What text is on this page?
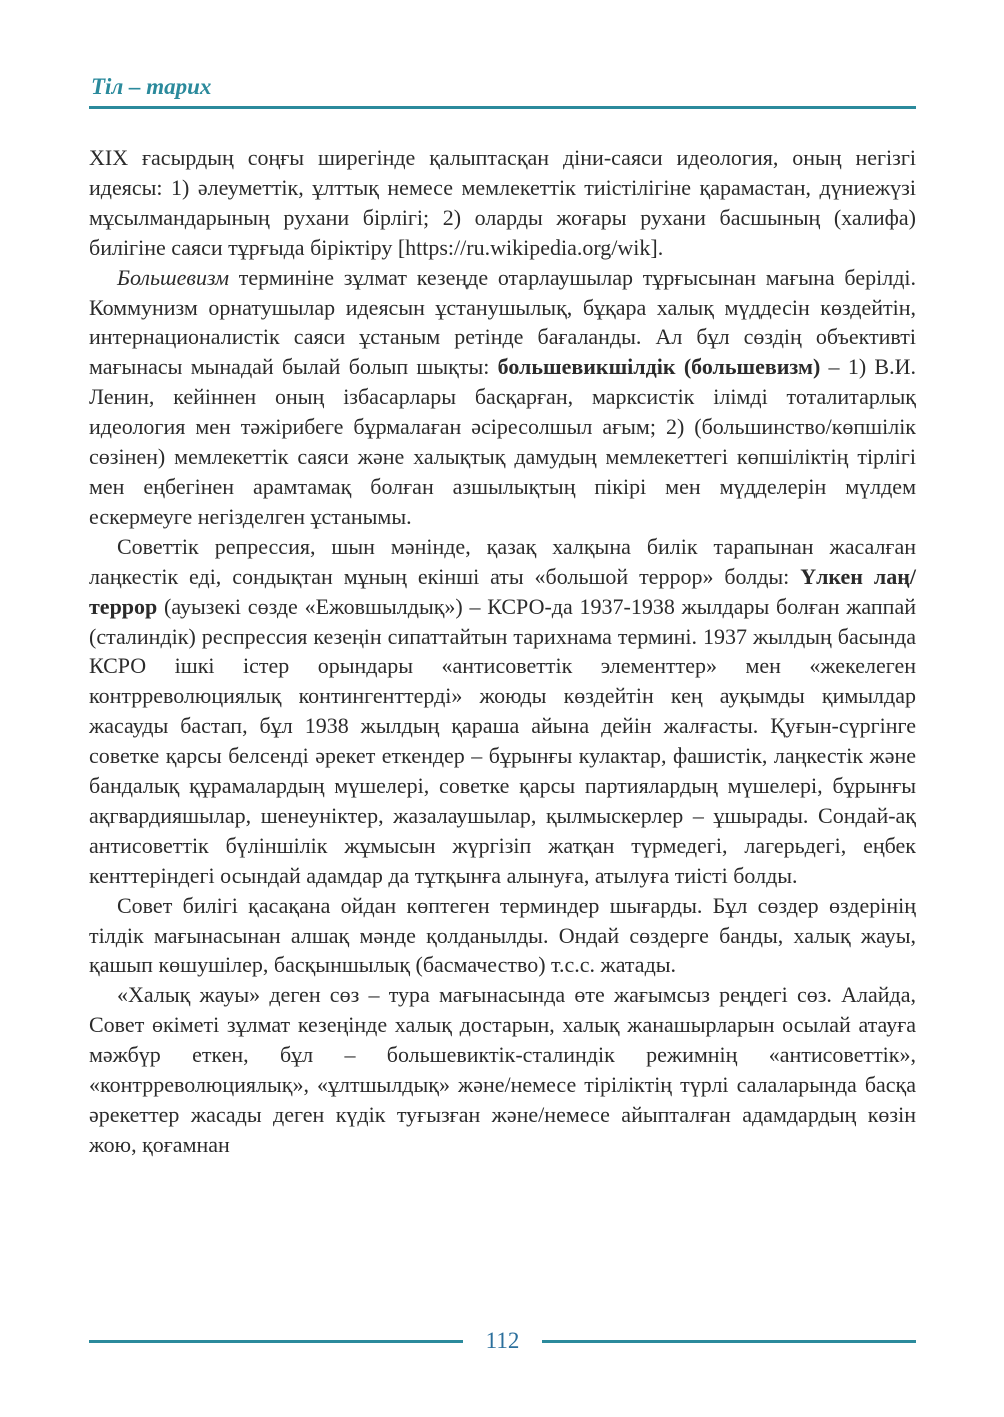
Тіл – тарих

XIX ғасырдың соңғы ширегінде қалыптасқан діни-саяси идеология, оның негізгі идеясы: 1) әлеуметтік, ұлттық немесе мемлекеттік тиістілігіне қарамастан, дүниежүзі мұсылмандарының рухани бірлігі; 2) оларды жоғары рухани басшының (халифа) билігіне саяси тұрғыда біріктіру [https://ru.wikipedia.org/wik].

Большевизм терминіне зұлмат кезеңде отарлаушылар тұрғысынан мағына берілді. Коммунизм орнатушылар идеясын ұстанушылық, бұқара халық мүддесін көздейтін, интернационалистік саяси ұстаным ретінде бағаланды. Ал бұл сөздің объективті мағынасы мынадай былай болып шықты: большевикшілдік (большевизм) – 1) В.И. Ленин, кейіннен оның ізбасарлары басқарған, марксистік ілімді тоталитарлық идеология мен тәжірибеге бұрмалаған әсіресолшыл ағым; 2) (большинство/көпшілік сөзінен) мемлекеттік саяси және халықтық дамудың мемлекеттегі көпшіліктің тірлігі мен еңбегінен арамтамақ болған азшылықтың пікірі мен мүдделерін мүлдем ескермеуге негізделген ұстанымы.

Советтік репрессия, шын мәнінде, қазақ халқына билік тарапынан жасалған лаңкестік еді, сондықтан мұның екінші аты «большой террор» болды: Үлкен лаң/террор (ауызекі сөзде «Ежовшылдық») – КСРО-да 1937-1938 жылдары болған жаппай (сталиндік) респрессия кезеңін сипаттайтын тарихнама термині. 1937 жылдың басында КСРО ішкі істер орындары «антисоветтік элементтер» мен «жекелеген контрреволюциялық контингенттерді» жоюды көздейтін кең ауқымды қимылдар жасауды бастап, бұл 1938 жылдың қараша айына дейін жалғасты. Қуғын-сүргінге советке қарсы белсенді әрекет еткендер – бұрынғы кулактар, фашистік, лаңкестік және бандалық құрамалардың мүшелері, советке қарсы партиялардың мүшелері, бұрынғы ақгвардияшылар, шенеуніктер, жазалаушылар, қылмыскерлер – ұшырады. Сондай-ақ антисоветтік бүліншілік жұмысын жүргізіп жатқан түрмедегі, лагерьдегі, еңбек кенттеріндегі осындай адамдар да тұтқынға алынуға, атылуға тиісті болды.

Совет билігі қасақана ойдан көптеген терминдер шығарды. Бұл сөздер өздерінің тілдік мағынасынан алшақ мәнде қолданылды. Ондай сөздерге банды, халық жауы, қашып көшушілер, басқыншылық (басмачество) т.с.с. жатады.

«Халық жауы» деген сөз – тура мағынасында өте жағымсыз реңдегі сөз. Алайда, Совет өкіметі зұлмат кезеңінде халық достарын, халық жанашырларын осылай атауға мәжбүр еткен, бұл – большевиктік-сталиндік режимнің «антисоветтік», «контрреволюциялық», «ұлтшылдық» және/немесе тіріліктің түрлі салаларында басқа әрекеттер жасады деген күдік туғызған және/немесе айыпталған адамдардың көзін жою, қоғамнан

112
